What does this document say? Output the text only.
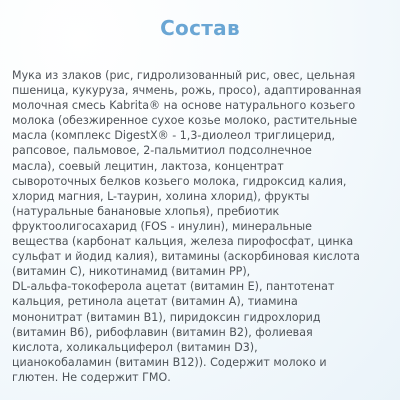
Состав

Мука из злаков (рис, гидролизованный рис, овес, цельная
пшеница, кукуруза, ячмень, рожь, просо), адаптированная
молочная смесь Kabrita® на основе натурального козьего
молока (обезжиренное сухое козье молоко, растительные
масла (комплекс DigestX® - 1,3-диолеол триглицерид,
рапсовое, пальмовое, 2-пальмитиол подсолнечное
масла), соевый лецитин, лактоза, концентрат
сывороточных белков козьего молока, гидроксид калия,
хлорид магния, L-таурин, холина хлорид), фрукты
(натуральные банановые хлопья), пребиотик
фруктоолигосахарид (FOS - инулин), минеральные
вещества (карбонат кальция, железа пирофосфат, цинка
сульфат и йодид калия), витамины (аскорбиновая кислота
(витамин С), никотинамид (витамин РР),
DL-альфа-токоферола ацетат (витамин Е), пантотенат
кальция, ретинола ацетат (витамин А), тиамина
мононитрат (витамин В1), пиридоксин гидрохлорид
(витамин В6), рибофлавин (витамин В2), фолиевая
кислота, холикальциферол (витамин D3),
цианокобаламин (витамин В12)). Содержит молоко и
глютен. Не содержит ГМО.
